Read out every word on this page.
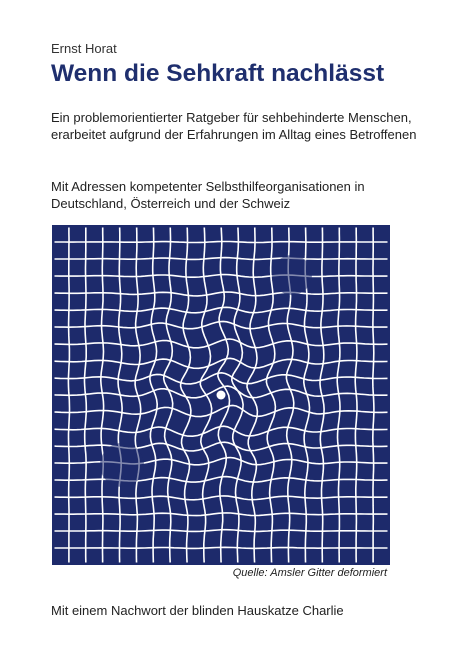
Ernst Horat
Wenn die Sehkraft nachlässt
Ein problemorientierter Ratgeber für sehbehinderte Menschen, erarbeitet aufgrund der Erfahrungen im Alltag eines Betroffenen
Mit Adressen kompetenter Selbsthilfeorganisationen in Deutschland, Österreich und der Schweiz
Quelle: Amsler Gitter deformiert
Mit einem Nachwort der blinden Hauskatze Charlie
